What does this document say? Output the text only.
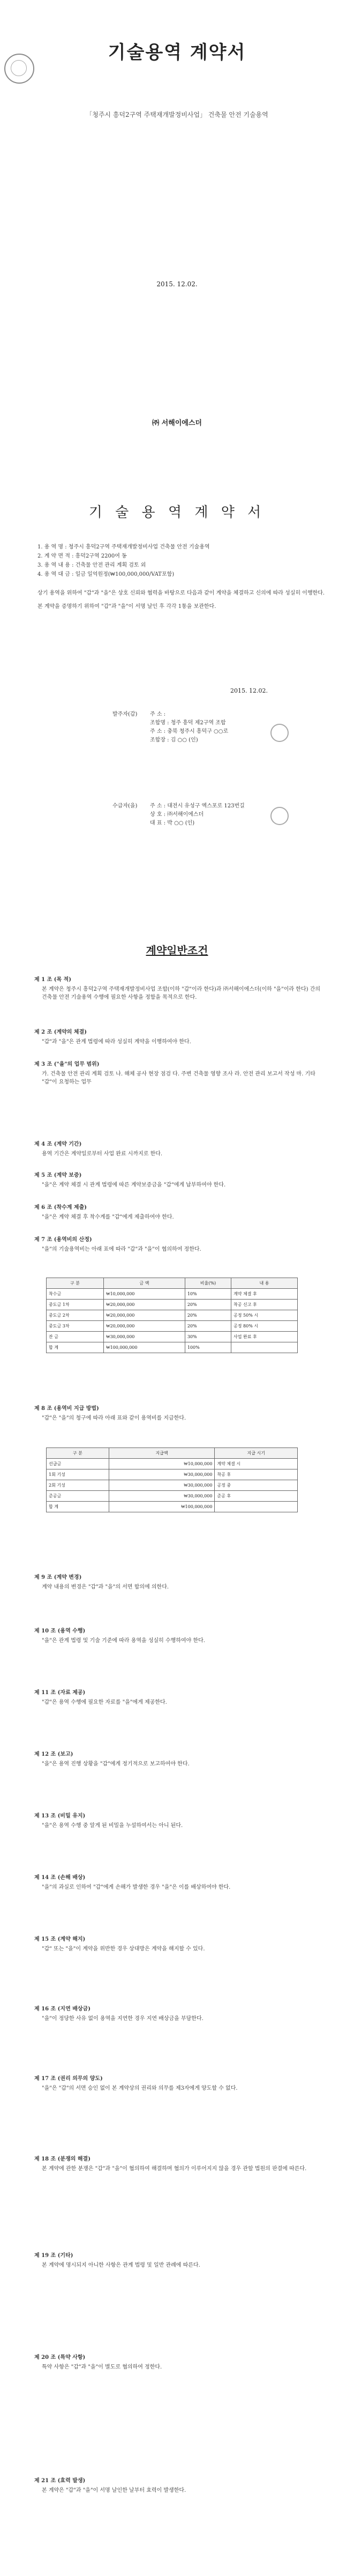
기술용역 계약서
「청주시 흥덕2구역 주택재개발정비사업」 건축물 안전 기술용역
2015. 12.02.
㈜ 서해이에스더
기 술 용 역 계 약 서

1. 용 역 명 : 청주시 흥덕2구역 주택재개발정비사업 건축물 안전 기술용역

2. 계 약 면 적 : 흥덕2구역 2200여 동

3. 용 역 내 용 : 건축물 안전 관리 계획 검토 외

4. 용 역 대 금 : 일금 일억원정(₩100,000,000/VAT포함)

상기 용역을 위하여 "갑"과 "을"은 상호 신뢰와 협력을 바탕으로 다음과 같이 계약을 체결하고 신의에 따라 성실히 이행한다.

본 계약을 증명하기 위하여 "갑"과 "을"이 서명 날인 후 각각 1통을 보관한다.

2015. 12.02.
발주자(갑)	주 소 :
조합명 : 청주 흥덕 제2구역 조합
주 소 : 충북 청주시 흥덕구 ○○로
조합장 : 김 ○○ (인)
수급자(을)	주 소 : 대전시 유성구 엑스포로 123번길
상 호 : ㈜서해이에스더
대 표 : 박 ○○ (인)
계약일반조건
제 1 조 (목 적)
본 계약은 청주시 흥덕2구역 주택재개발정비사업 조합(이하 "갑"이라 한다)과 ㈜서해이에스더(이하 "을"이라 한다) 간의 건축물 안전 기술용역 수행에 필요한 사항을 정함을 목적으로 한다.
제 2 조 (계약의 체결)
"갑"과 "을"은 관계 법령에 따라 성실히 계약을 이행하여야 한다.
제 3 조 ("을"의 업무 범위)
가. 건축물 안전 관리 계획 검토 나. 해체 공사 현장 점검 다. 주변 건축물 영향 조사 라. 안전 관리 보고서 작성 마. 기타 "갑"이 요청하는 업무
제 4 조 (계약 기간)
용역 기간은 계약일로부터 사업 완료 시까지로 한다.
제 5 조 (계약 보증)
"을"은 계약 체결 시 관계 법령에 따른 계약보증금을 "갑"에게 납부하여야 한다.
제 6 조 (착수계 제출)
"을"은 계약 체결 후 착수계를 "갑"에게 제출하여야 한다.
제 7 조 (용역비의 산정)
"을"의 기술용역비는 아래 표에 따라 "갑"과 "을"이 협의하여 정한다.
구 분	금 액	비율(%)	내 용
착수금	₩10,000,000	10%	계약 체결 후
중도금 1차	₩20,000,000	20%	착공 신고 후
중도금 2차	₩20,000,000	20%	공정 50% 시
중도금 3차	₩20,000,000	20%	공정 80% 시
잔 금	₩30,000,000	30%	사업 완료 후
합 계	₩100,000,000	100%	
제 8 조 (용역비 지급 방법)
"갑"은 "을"의 청구에 따라 아래 표와 같이 용역비를 지급한다.
구 분	지급액	지급 시기
선급금	₩10,000,000	계약 체결 시
1회 기성	₩30,000,000	착공 후
2회 기성	₩30,000,000	공정 중
준공금	₩30,000,000	준공 후
합 계	₩100,000,000	
제 9 조 (계약 변경)
계약 내용의 변경은 "갑"과 "을"의 서면 합의에 의한다.
제 10 조 (용역 수행)
"을"은 관계 법령 및 기술 기준에 따라 용역을 성실히 수행하여야 한다.
제 11 조 (자료 제공)
"갑"은 용역 수행에 필요한 자료를 "을"에게 제공한다.
제 12 조 (보고)
"을"은 용역 진행 상황을 "갑"에게 정기적으로 보고하여야 한다.
제 13 조 (비밀 유지)
"을"은 용역 수행 중 알게 된 비밀을 누설하여서는 아니 된다.
제 14 조 (손해 배상)
"을"의 과실로 인하여 "갑"에게 손해가 발생한 경우 "을"은 이를 배상하여야 한다.
제 15 조 (계약 해지)
"갑" 또는 "을"이 계약을 위반한 경우 상대방은 계약을 해지할 수 있다.
제 16 조 (지연 배상금)
"을"이 정당한 사유 없이 용역을 지연한 경우 지연 배상금을 부담한다.
제 17 조 (권리 의무의 양도)
"을"은 "갑"의 서면 승인 없이 본 계약상의 권리와 의무를 제3자에게 양도할 수 없다.
제 18 조 (분쟁의 해결)
본 계약에 관한 분쟁은 "갑"과 "을"이 협의하여 해결하며 협의가 이루어지지 않을 경우 관할 법원의 판결에 따른다.
제 19 조 (기타)
본 계약에 명시되지 아니한 사항은 관계 법령 및 일반 관례에 따른다.
제 20 조 (특약 사항)
특약 사항은 "갑"과 "을"이 별도로 협의하여 정한다.
제 21 조 (효력 발생)
본 계약은 "갑"과 "을"이 서명 날인한 날부터 효력이 발생한다.
